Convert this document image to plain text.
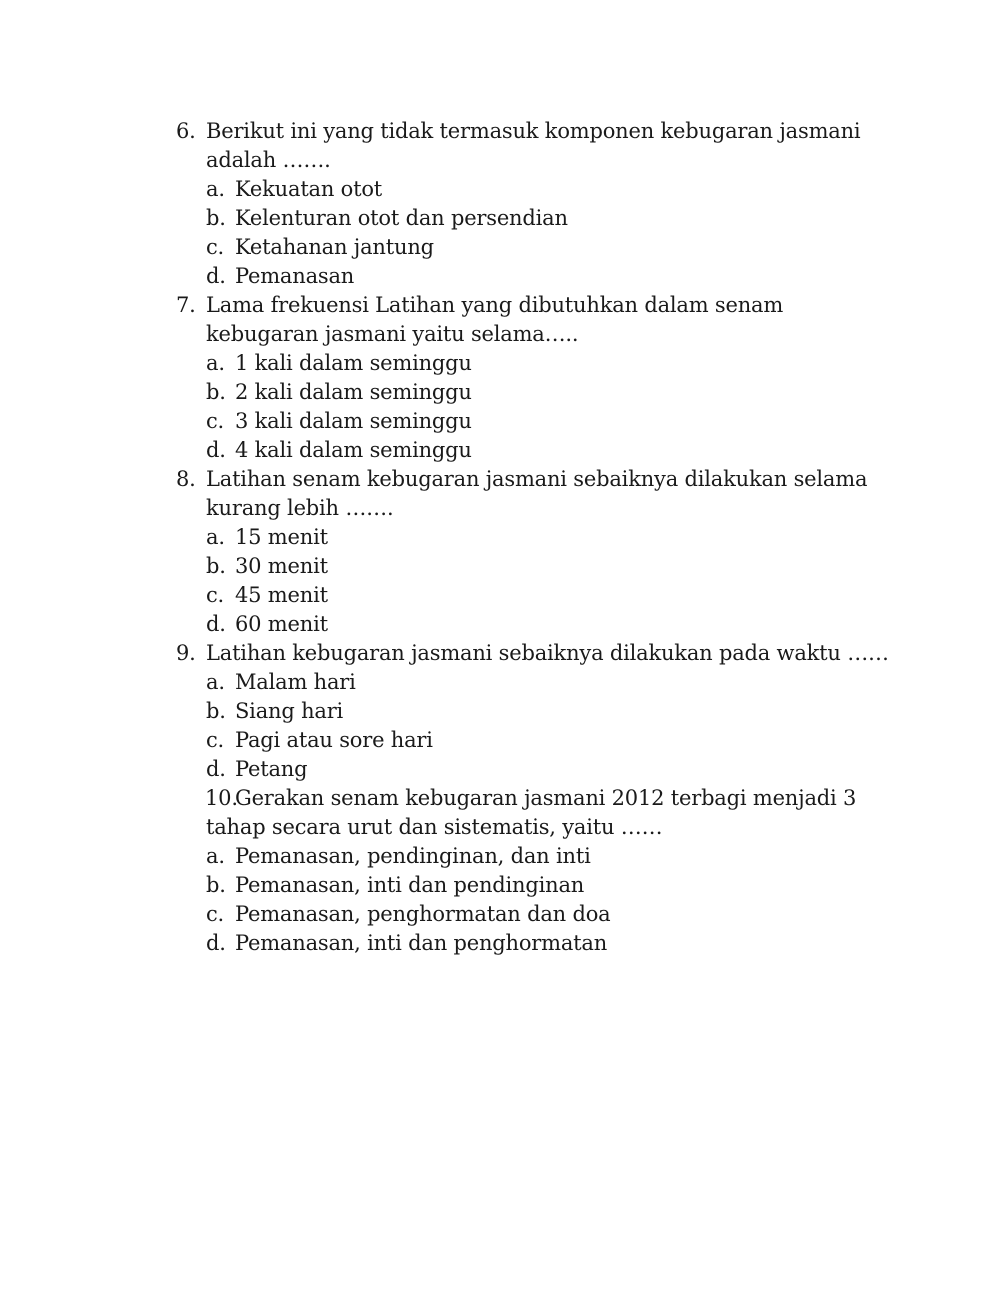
6. Berikut ini yang tidak termasuk komponen kebugaran jasmani adalah …….
a. Kekuatan otot
b. Kelenturan otot dan persendian
c. Ketahanan jantung
d. Pemanasan
7. Lama frekuensi Latihan yang dibutuhkan dalam senam kebugaran jasmani yaitu selama…..
a. 1 kali dalam seminggu
b. 2 kali dalam seminggu
c. 3 kali dalam seminggu
d. 4 kali dalam seminggu
8. Latihan senam kebugaran jasmani sebaiknya dilakukan selama kurang lebih …….
a. 15 menit
b. 30 menit
c. 45 menit
d. 60 menit
9. Latihan kebugaran jasmani sebaiknya dilakukan pada waktu ……
a. Malam hari
b. Siang hari
c. Pagi atau sore hari
d. Petang
10.
Gerakan senam kebugaran jasmani 2012 terbagi menjadi 3 tahap secara urut dan sistematis, yaitu ……
a. Pemanasan, pendinginan, dan inti
b. Pemanasan, inti dan pendinginan
c. Pemanasan, penghormatan dan doa
d. Pemanasan, inti dan penghormatan
